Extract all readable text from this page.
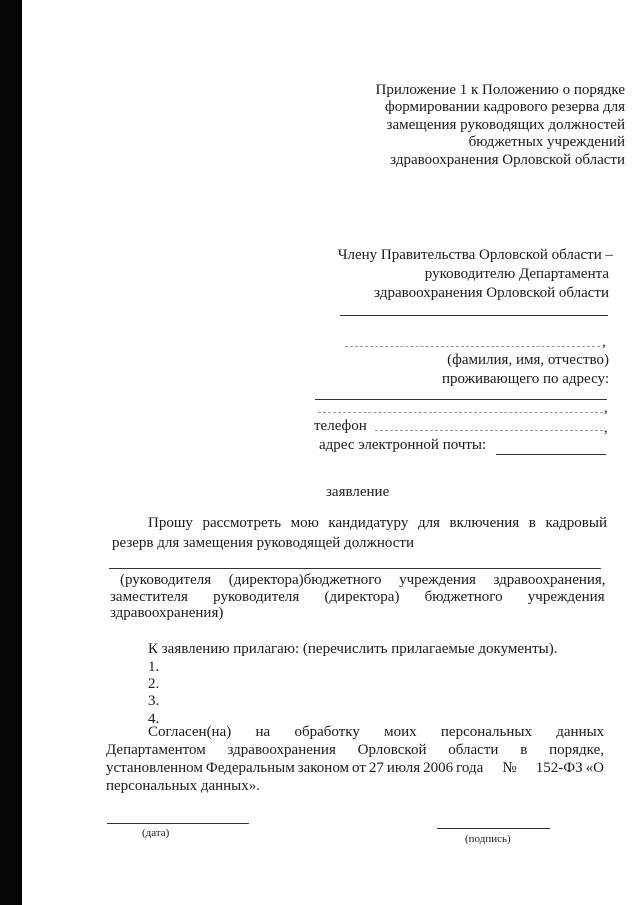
Приложение 1 к Положению о порядке
формировании кадрового резерва для
замещения руководящих должностей
бюджетных учреждений
здравоохранения Орловской области
Члену Правительства Орловской области –
руководителю Департамента
здравоохранения Орловской области
,
(фамилия, имя, отчество)
проживающего по адресу:
,
телефон	,
адрес электронной почты:
заявление
Прошу рассмотреть мою кандидатуру для включения в кадровый
резерв для замещения руководящей должности
(руководителя (директора)бюджетного учреждения здравоохранения,
заместителя руководителя (директора) бюджетного учреждения
здравоохранения)
К заявлению прилагаю: (перечислить прилагаемые документы).
1.
2.
3.
4.
Согласен(на) на обработку моих персональных данных
Департаментом здравоохранения Орловской области в порядке,
установленном Федеральным законом от 27 июля 2006 года № 152-ФЗ «О
персональных данных».
(дата)	(подпись)
